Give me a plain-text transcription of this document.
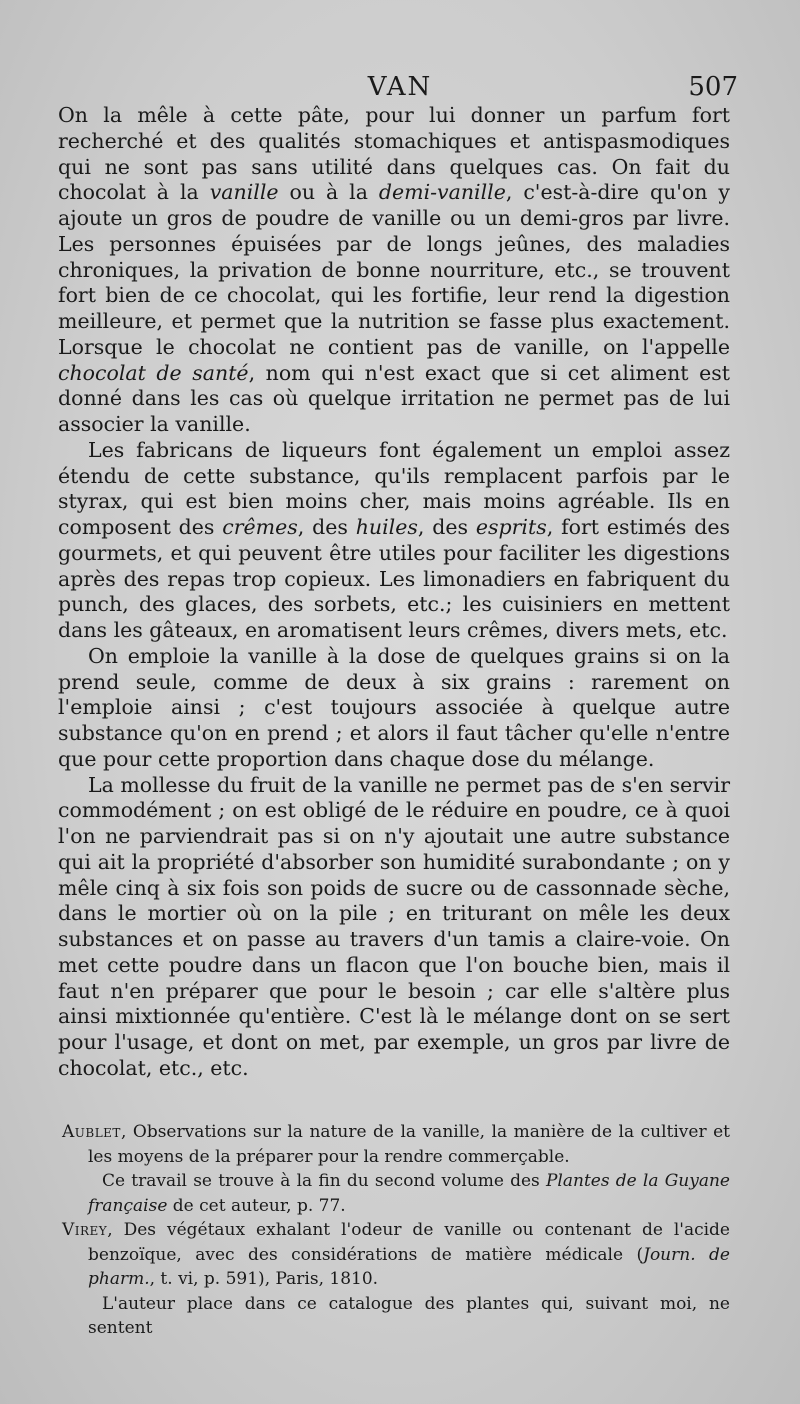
VAN	507

On la mêle à cette pâte, pour lui donner un parfum fort recherché et des qualités stomachiques et antispasmodiques qui ne sont pas sans utilité dans quelques cas. On fait du chocolat à la vanille ou à la demi-vanille, c'est-à-dire qu'on y ajoute un gros de poudre de vanille ou un demi-gros par livre. Les personnes épuisées par de longs jeûnes, des maladies chroniques, la privation de bonne nourriture, etc., se trouvent fort bien de ce chocolat, qui les fortifie, leur rend la digestion meilleure, et permet que la nutrition se fasse plus exactement. Lorsque le chocolat ne contient pas de vanille, on l'appelle chocolat de santé, nom qui n'est exact que si cet aliment est donné dans les cas où quelque irritation ne permet pas de lui associer la vanille.

Les fabricans de liqueurs font également un emploi assez étendu de cette substance, qu'ils remplacent parfois par le styrax, qui est bien moins cher, mais moins agréable. Ils en composent des crêmes, des huiles, des esprits, fort estimés des gourmets, et qui peuvent être utiles pour faciliter les digestions après des repas trop copieux. Les limonadiers en fabriquent du punch, des glaces, des sorbets, etc.; les cuisiniers en mettent dans les gâteaux, en aromatisent leurs crêmes, divers mets, etc.

On emploie la vanille à la dose de quelques grains si on la prend seule, comme de deux à six grains : rarement on l'emploie ainsi ; c'est toujours associée à quelque autre substance qu'on en prend ; et alors il faut tâcher qu'elle n'entre que pour cette proportion dans chaque dose du mélange.

La mollesse du fruit de la vanille ne permet pas de s'en servir commodément ; on est obligé de le réduire en poudre, ce à quoi l'on ne parviendrait pas si on n'y ajoutait une autre substance qui ait la propriété d'absorber son humidité surabondante ; on y mêle cinq à six fois son poids de sucre ou de cassonnade sèche, dans le mortier où on la pile ; en triturant on mêle les deux substances et on passe au travers d'un tamis a claire-voie. On met cette poudre dans un flacon que l'on bouche bien, mais il faut n'en préparer que pour le besoin ; car elle s'altère plus ainsi mixtionnée qu'entière. C'est là le mélange dont on se sert pour l'usage, et dont on met, par exemple, un gros par livre de chocolat, etc., etc.

Aublet, Observations sur la nature de la vanille, la manière de la cultiver et les moyens de la préparer pour la rendre commerçable.

Ce travail se trouve à la fin du second volume des Plantes de la Guyane française de cet auteur, p. 77.

Virey, Des végétaux exhalant l'odeur de vanille ou contenant de l'acide benzoïque, avec des considérations de matière médicale (Journ. de pharm., t. vi, p. 591), Paris, 1810.

L'auteur place dans ce catalogue des plantes qui, suivant moi, ne sentent
